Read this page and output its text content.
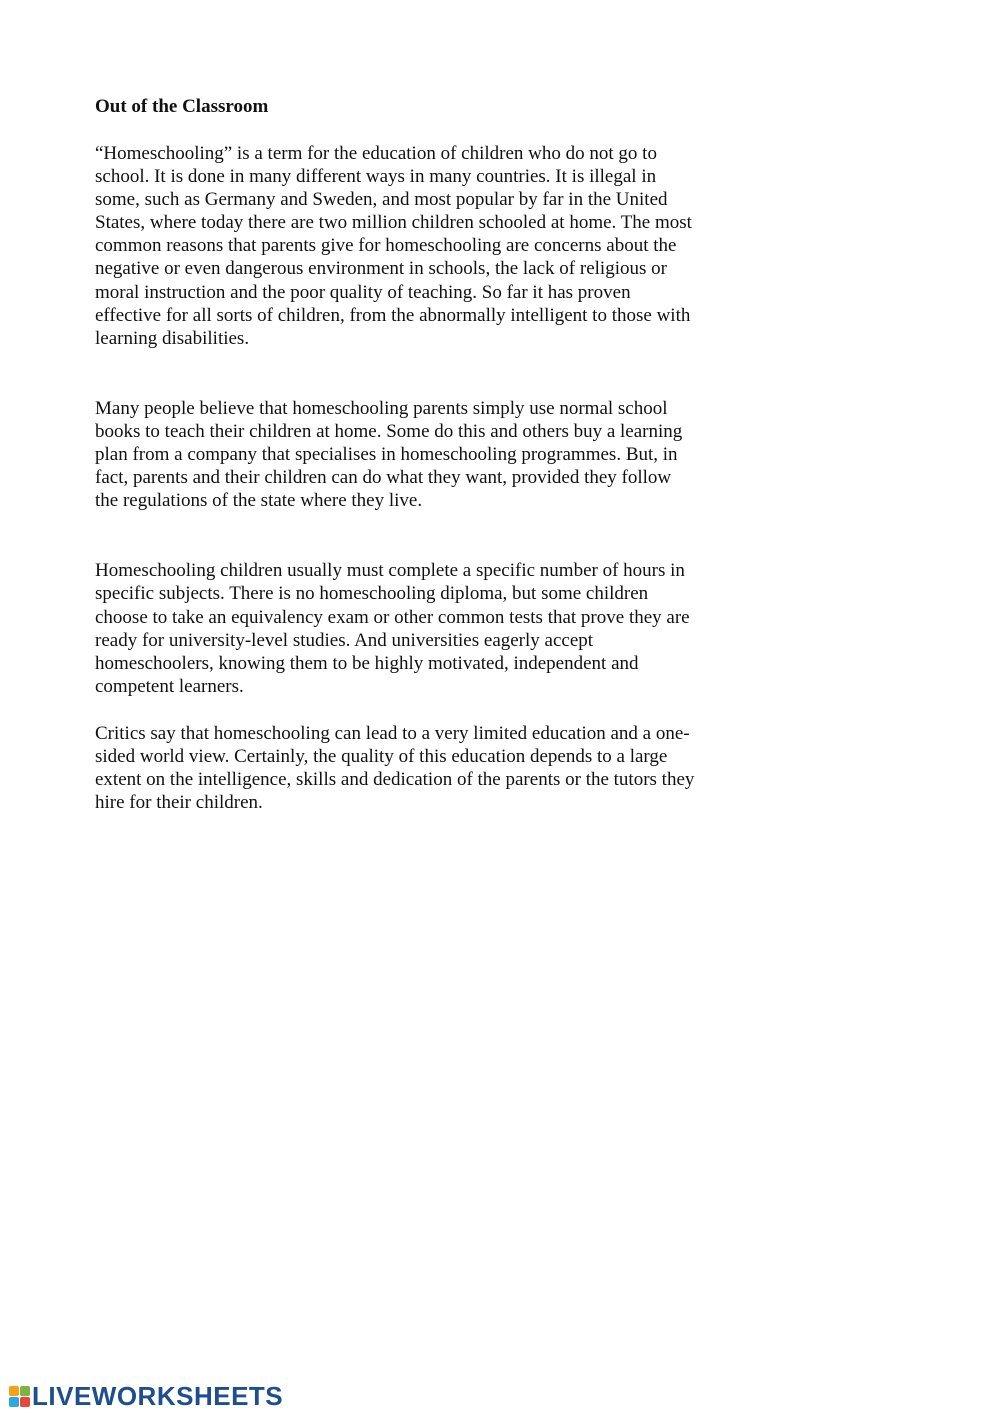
Out of the Classroom

“Homeschooling” is a term for the education of children who do not go to school. It is done in many different ways in many countries. It is illegal in some, such as Germany and Sweden, and most popular by far in the United States, where today there are two million children schooled at home. The most common reasons that parents give for homeschooling are concerns about the negative or even dangerous environment in schools, the lack of religious or moral instruction and the poor quality of teaching. So far it has proven effective for all sorts of children, from the abnormally intelligent to those with learning disabilities.

Many people believe that homeschooling parents simply use normal school books to teach their children at home. Some do this and others buy a learning plan from a company that specialises in homeschooling programmes. But, in fact, parents and their children can do what they want, provided they follow the regulations of the state where they live.

Homeschooling children usually must complete a specific number of hours in specific subjects. There is no homeschooling diploma, but some children choose to take an equivalency exam or other common tests that prove they are ready for university-level studies. And universities eagerly accept homeschoolers, knowing them to be highly motivated, independent and competent learners.

Critics say that homeschooling can lead to a very limited education and a one-sided world view. Certainly, the quality of this education depends to a large extent on the intelligence, skills and dedication of the parents or the tutors they hire for their children.

LIVEWORKSHEETS
